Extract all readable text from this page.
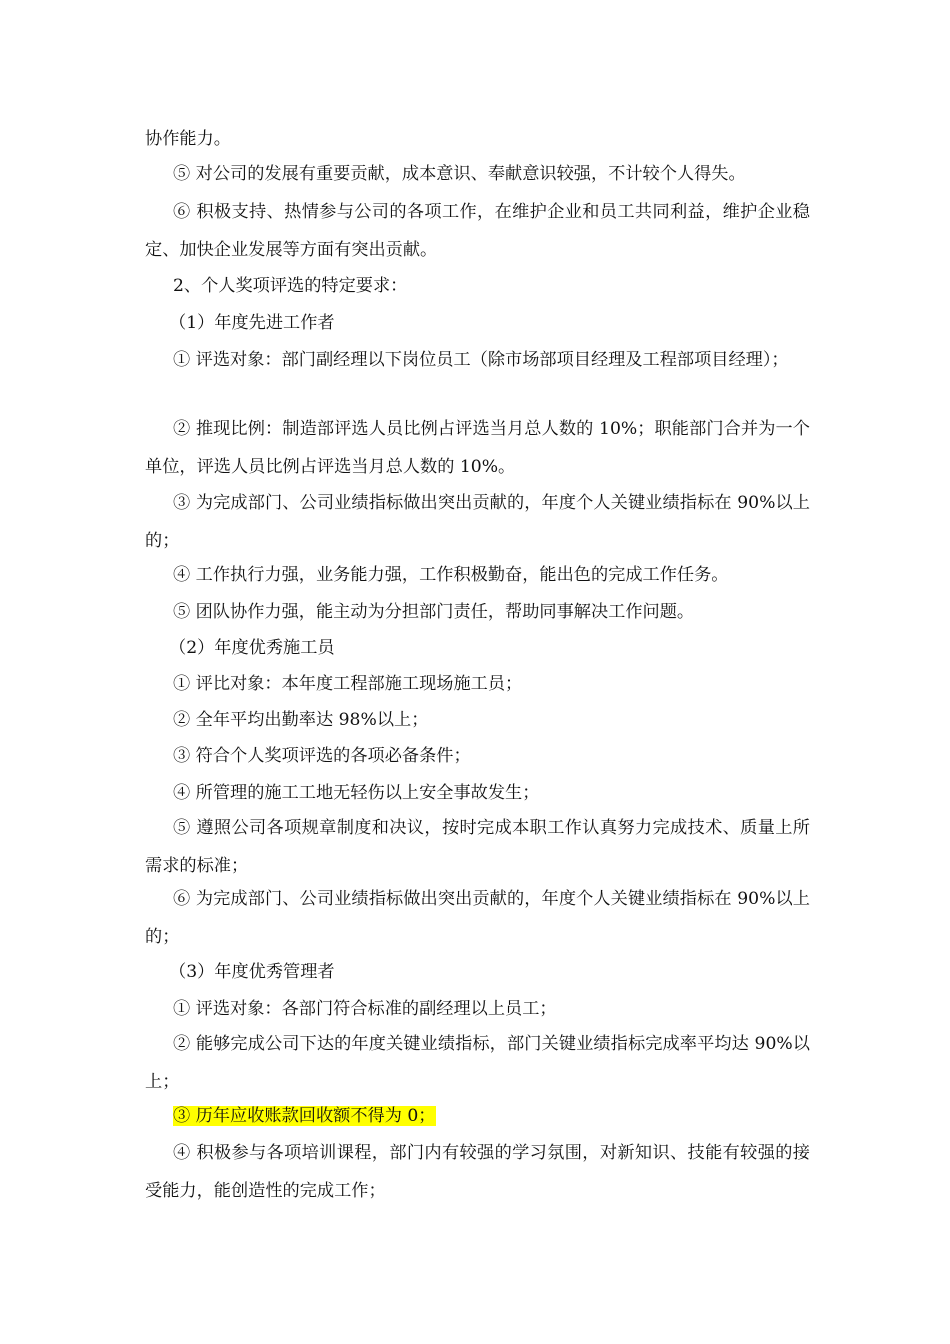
协作能力。

⑤ 对公司的发展有重要贡献，成本意识、奉献意识较强，不计较个人得失。

⑥ 积极支持、热情参与公司的各项工作，在维护企业和员工共同利益，维护企业稳定、加快企业发展等方面有突出贡献。

2、个人奖项评选的特定要求：

（1）年度先进工作者

① 评选对象：部门副经理以下岗位员工（除市场部项目经理及工程部项目经理）；

② 推现比例：制造部评选人员比例占评选当月总人数的 10%；职能部门合并为一个单位，评选人员比例占评选当月总人数的 10%。

③ 为完成部门、公司业绩指标做出突出贡献的，年度个人关键业绩指标在 90%以上的；

④ 工作执行力强，业务能力强，工作积极勤奋，能出色的完成工作任务。

⑤ 团队协作力强，能主动为分担部门责任，帮助同事解决工作问题。

（2）年度优秀施工员

① 评比对象：本年度工程部施工现场施工员；

② 全年平均出勤率达 98%以上；

③ 符合个人奖项评选的各项必备条件；

④ 所管理的施工工地无轻伤以上安全事故发生；

⑤ 遵照公司各项规章制度和决议，按时完成本职工作认真努力完成技术、质量上所需求的标准；

⑥ 为完成部门、公司业绩指标做出突出贡献的，年度个人关键业绩指标在 90%以上的；

（3）年度优秀管理者

① 评选对象：各部门符合标准的副经理以上员工；

② 能够完成公司下达的年度关键业绩指标，部门关键业绩指标完成率平均达 90%以上；

③ 历年应收账款回收额不得为 0；

④ 积极参与各项培训课程，部门内有较强的学习氛围，对新知识、技能有较强的接受能力，能创造性的完成工作；
